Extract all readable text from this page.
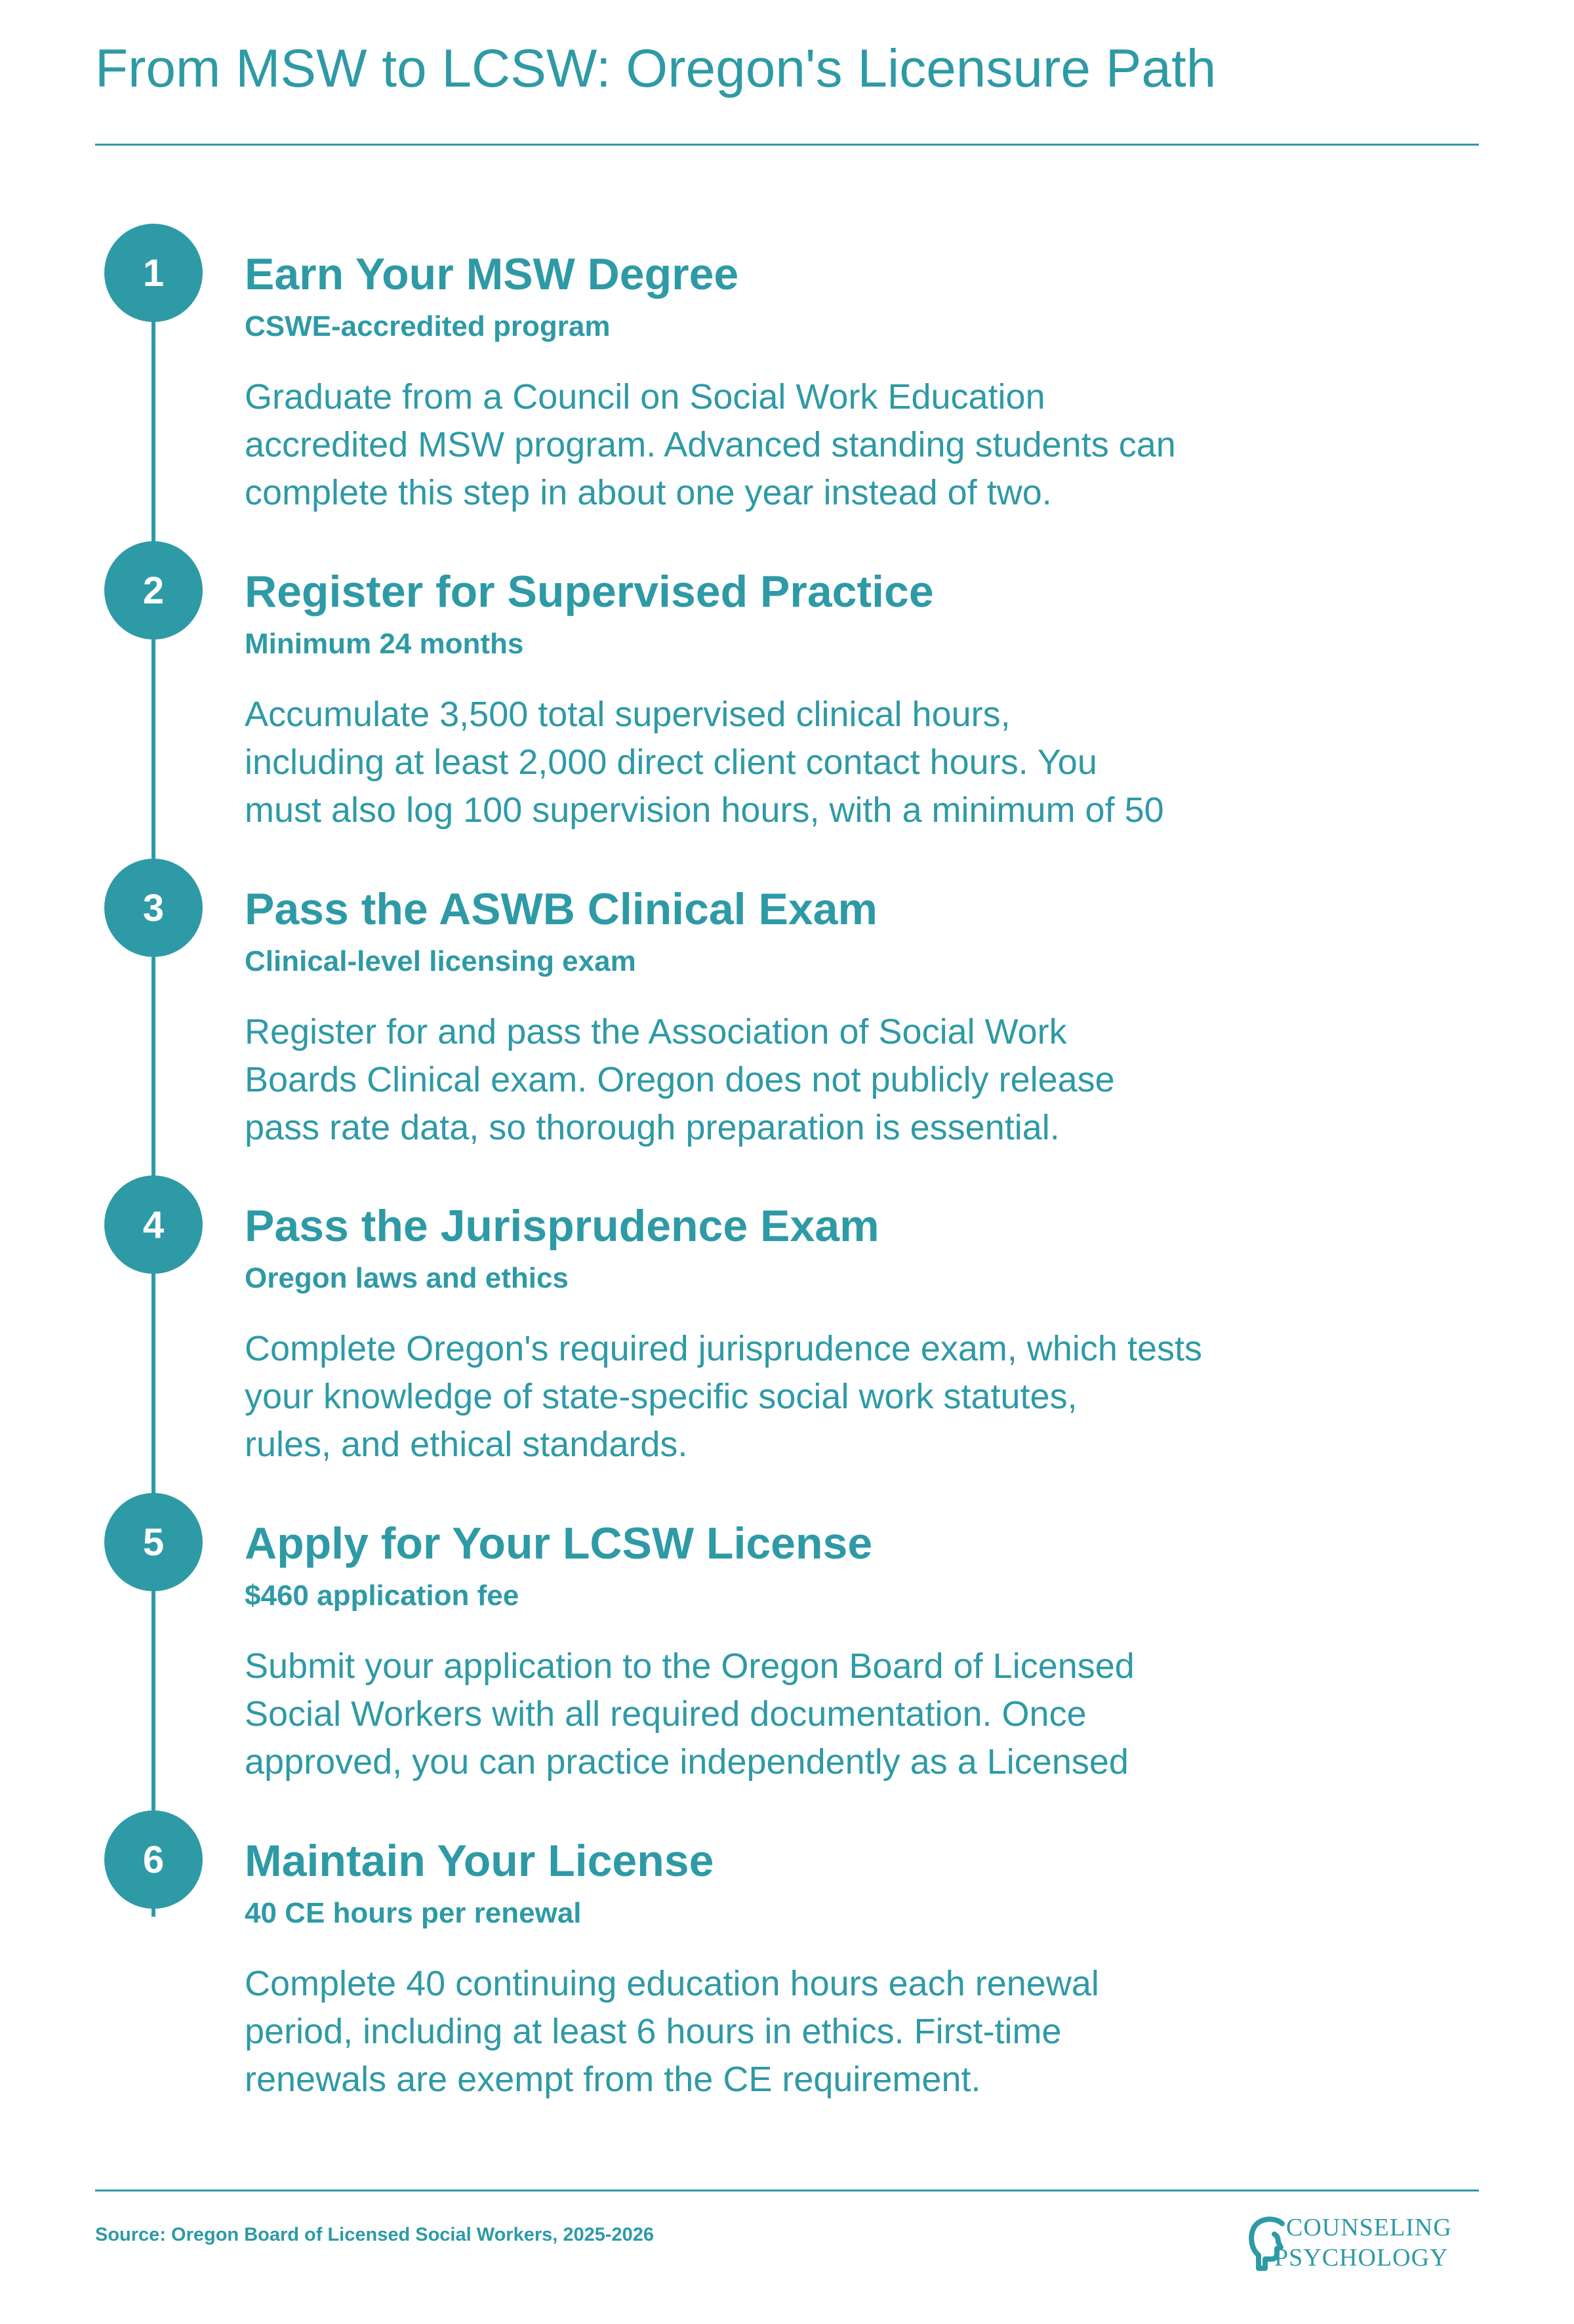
From MSW to LCSW: Oregon's Licensure Path
1	Earn Your MSW Degree
CSWE-accredited program
Graduate from a Council on Social Work Education
accredited MSW program. Advanced standing students can
complete this step in about one year instead of two.
2	Register for Supervised Practice
Minimum 24 months
Accumulate 3,500 total supervised clinical hours,
including at least 2,000 direct client contact hours. You
must also log 100 supervision hours, with a minimum of 50
3	Pass the ASWB Clinical Exam
Clinical-level licensing exam
Register for and pass the Association of Social Work
Boards Clinical exam. Oregon does not publicly release
pass rate data, so thorough preparation is essential.
4	Pass the Jurisprudence Exam
Oregon laws and ethics
Complete Oregon's required jurisprudence exam, which tests
your knowledge of state-specific social work statutes,
rules, and ethical standards.
5	Apply for Your LCSW License
$460 application fee
Submit your application to the Oregon Board of Licensed
Social Workers with all required documentation. Once
approved, you can practice independently as a Licensed
6	Maintain Your License
40 CE hours per renewal
Complete 40 continuing education hours each renewal
period, including at least 6 hours in ethics. First-time
renewals are exempt from the CE requirement.
Source: Oregon Board of Licensed Social Workers, 2025-2026	COUNSELING
PSYCHOLOGY
